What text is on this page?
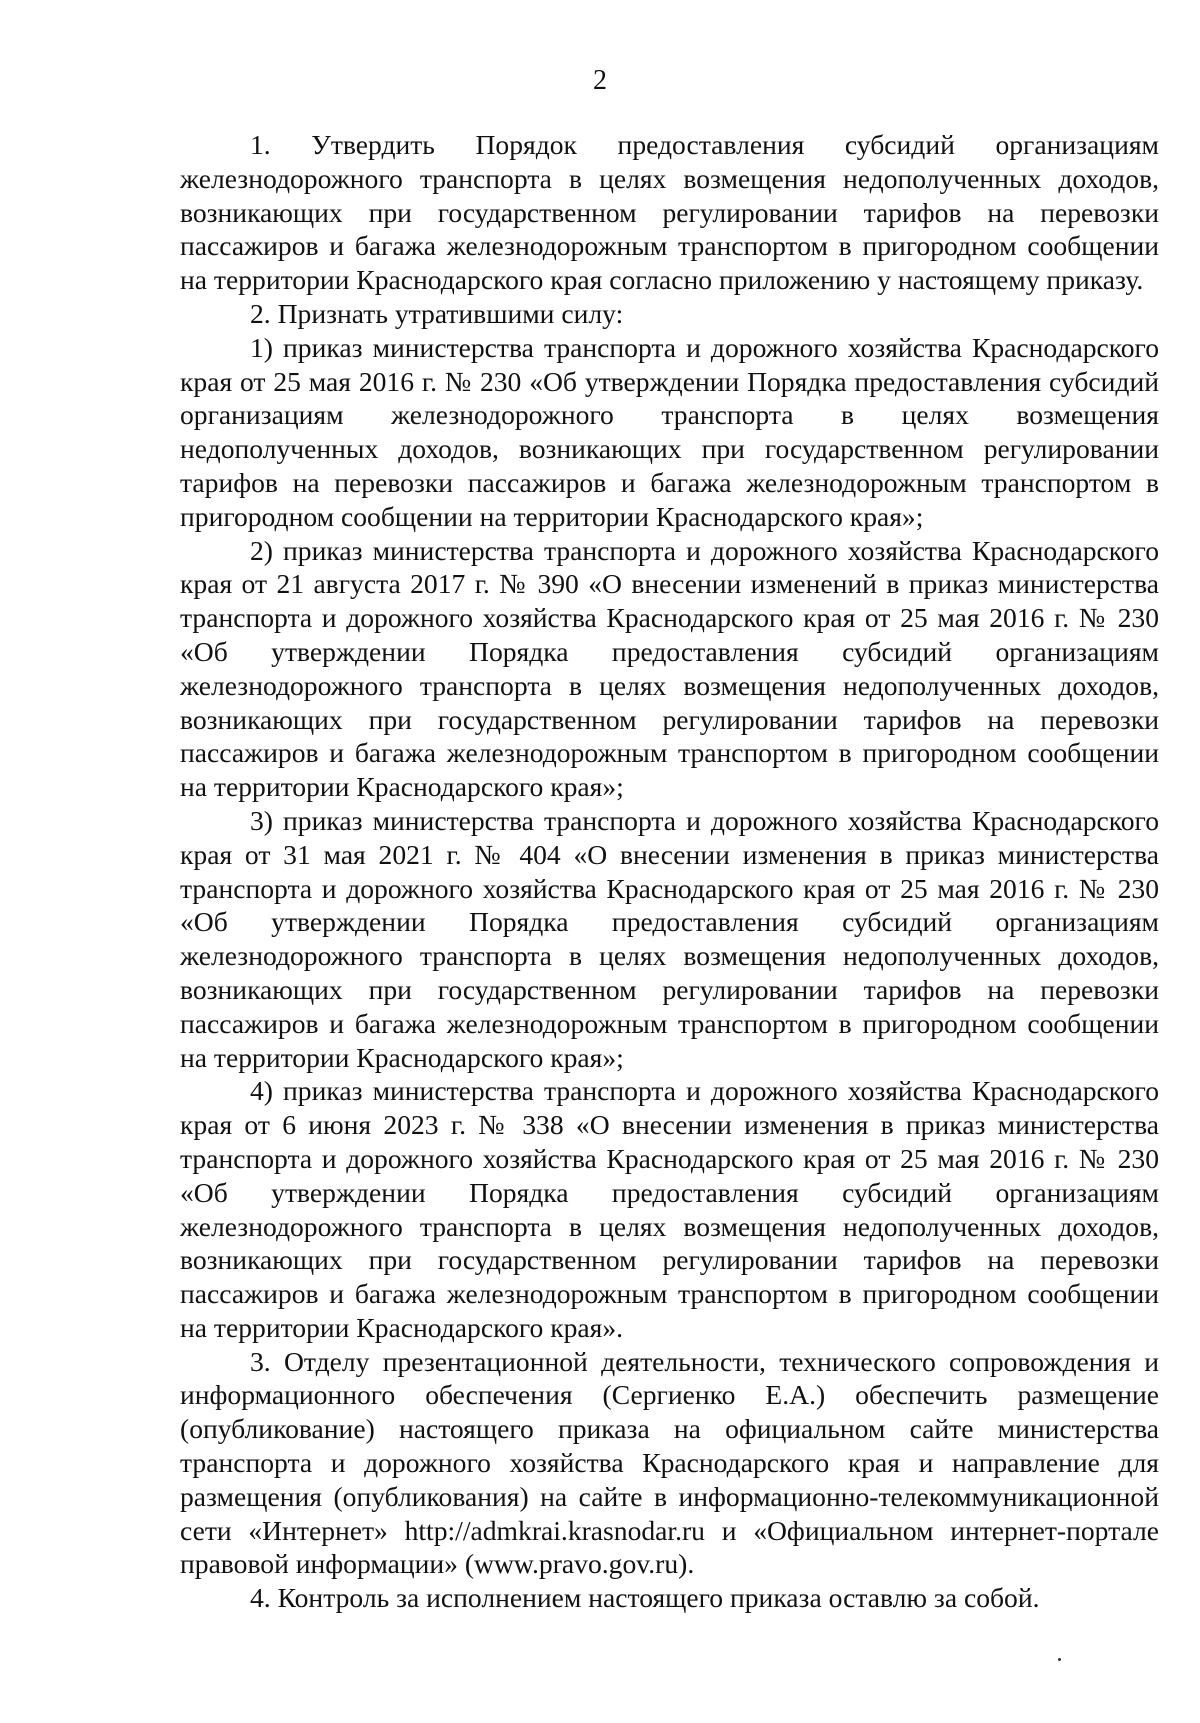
2

1. Утвердить Порядок предоставления субсидий организациям железнодорожного транспорта в целях возмещения недополученных доходов, возникающих при государственном регулировании тарифов на перевозки пассажиров и багажа железнодорожным транспортом в пригородном сообщении на территории Краснодарского края согласно приложению у настоящему приказу.

2. Признать утратившими силу:

1) приказ министерства транспорта и дорожного хозяйства Краснодарского края от 25 мая 2016 г. № 230 «Об утверждении Порядка предоставления субсидий организациям железнодорожного транспорта в целях возмещения недополученных доходов, возникающих при государственном регулировании тарифов на перевозки пассажиров и багажа железнодорожным транспортом в пригородном сообщении на территории Краснодарского края»;

2) приказ министерства транспорта и дорожного хозяйства Краснодарского края от 21 августа 2017 г. № 390 «О внесении изменений в приказ министерства транспорта и дорожного хозяйства Краснодарского края от 25 мая 2016 г. № 230 «Об утверждении Порядка предоставления субсидий организациям железнодорожного транспорта в целях возмещения недополученных доходов, возникающих при государственном регулировании тарифов на перевозки пассажиров и багажа железнодорожным транспортом в пригородном сообщении на территории Краснодарского края»;

3) приказ министерства транспорта и дорожного хозяйства Краснодарского края от 31 мая 2021 г. № 404 «О внесении изменения в приказ министерства транспорта и дорожного хозяйства Краснодарского края от 25 мая 2016 г. № 230 «Об утверждении Порядка предоставления субсидий организациям железнодорожного транспорта в целях возмещения недополученных доходов, возникающих при государственном регулировании тарифов на перевозки пассажиров и багажа железнодорожным транспортом в пригородном сообщении на территории Краснодарского края»;

4) приказ министерства транспорта и дорожного хозяйства Краснодарского края от 6 июня 2023 г. № 338 «О внесении изменения в приказ министерства транспорта и дорожного хозяйства Краснодарского края от 25 мая 2016 г. № 230 «Об утверждении Порядка предоставления субсидий организациям железнодорожного транспорта в целях возмещения недополученных доходов, возникающих при государственном регулировании тарифов на перевозки пассажиров и багажа железнодорожным транспортом в пригородном сообщении на территории Краснодарского края».

3. Отделу презентационной деятельности, технического сопровождения и информационного обеспечения (Сергиенко Е.А.) обеспечить размещение (опубликование) настоящего приказа на официальном сайте министерства транспорта и дорожного хозяйства Краснодарского края и направление для размещения (опубликования) на сайте в информационно-телекоммуникационной сети «Интернет» http://admkrai.krasnodar.ru и «Официальном интернет-портале правовой информации» (www.pravo.gov.ru).

4. Контроль за исполнением настоящего приказа оставлю за собой.
